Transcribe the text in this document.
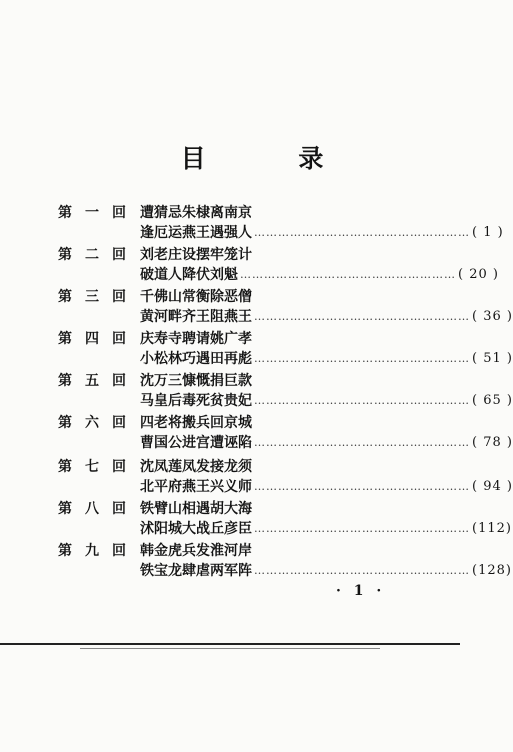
目 录
第 一 回 遭猜忌朱棣离南京
逢厄运燕王遇强人 ……………………………………………… ( 1 )
第 二 回 刘老庄设摆牢笼计
破道人降伏刘魁 ……………………………………………… ( 20 )
第 三 回 千佛山常衡除恶僧
黄河畔齐王阻燕王 ……………………………………………… ( 36 )
第 四 回 庆寿寺聘请姚广孝
小松林巧遇田再彪 ……………………………………………… ( 51 )
第 五 回 沈万三慷慨捐巨款
马皇后毒死贫贵妃 ……………………………………………… ( 65 )
第 六 回 四老将搬兵回京城
曹国公进宫遭诬陷 ……………………………………………… ( 78 )
第 七 回 沈凤莲凤发接龙须
北平府燕王兴义师 ……………………………………………… ( 94 )
第 八 回 铁臂山相遇胡大海
沭阳城大战丘彦臣 ……………………………………………… (112)
第 九 回 韩金虎兵发淮河岸
铁宝龙肆虐两军阵 ……………………………………………… (128)
· 1 ·
